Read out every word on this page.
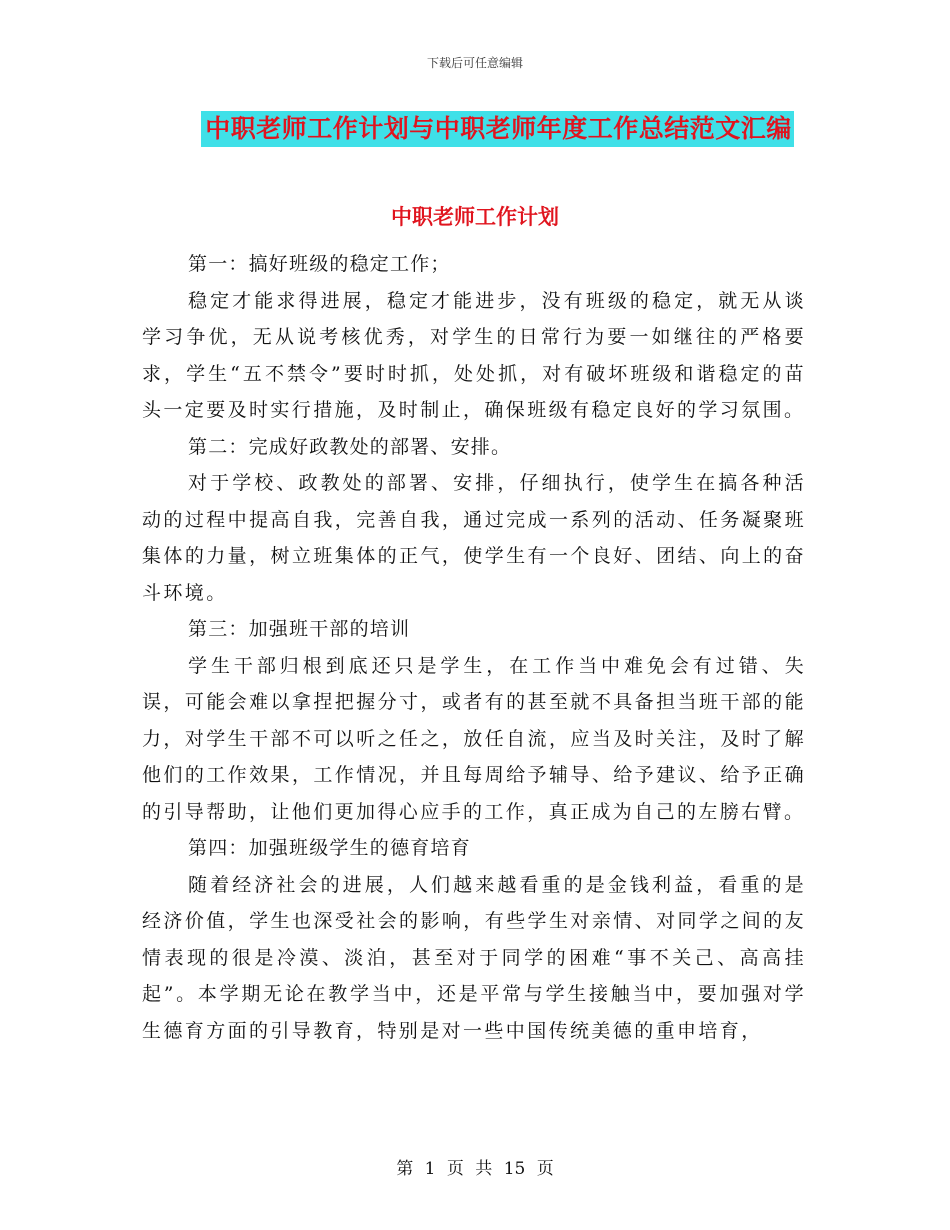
下载后可任意编辑
中职老师工作计划与中职老师年度工作总结范文汇编
中职老师工作计划

第一：搞好班级的稳定工作；

稳定才能求得进展，稳定才能进步，没有班级的稳定，就无从谈学习争优，无从说考核优秀，对学生的日常行为要一如继往的严格要求，学生“五不禁令”要时时抓，处处抓，对有破坏班级和谐稳定的苗头一定要及时实行措施，及时制止，确保班级有稳定良好的学习氛围。

第二：完成好政教处的部署、安排。

对于学校、政教处的部署、安排，仔细执行，使学生在搞各种活动的过程中提高自我，完善自我，通过完成一系列的活动、任务凝聚班集体的力量，树立班集体的正气，使学生有一个良好、团结、向上的奋斗环境。

第三：加强班干部的培训

学生干部归根到底还只是学生，在工作当中难免会有过错、失误，可能会难以拿捏把握分寸，或者有的甚至就不具备担当班干部的能力，对学生干部不可以听之任之，放任自流，应当及时关注，及时了解他们的工作效果，工作情况，并且每周给予辅导、给予建议、给予正确的引导帮助，让他们更加得心应手的工作，真正成为自己的左膀右臂。

第四：加强班级学生的德育培育

随着经济社会的进展，人们越来越看重的是金钱利益，看重的是经济价值，学生也深受社会的影响，有些学生对亲情、对同学之间的友情表现的很是冷漠、淡泊，甚至对于同学的困难“事不关己、高高挂起”。本学期无论在教学当中，还是平常与学生接触当中，要加强对学生德育方面的引导教育，特别是对一些中国传统美德的重申培育，

第 1 页 共 15 页
